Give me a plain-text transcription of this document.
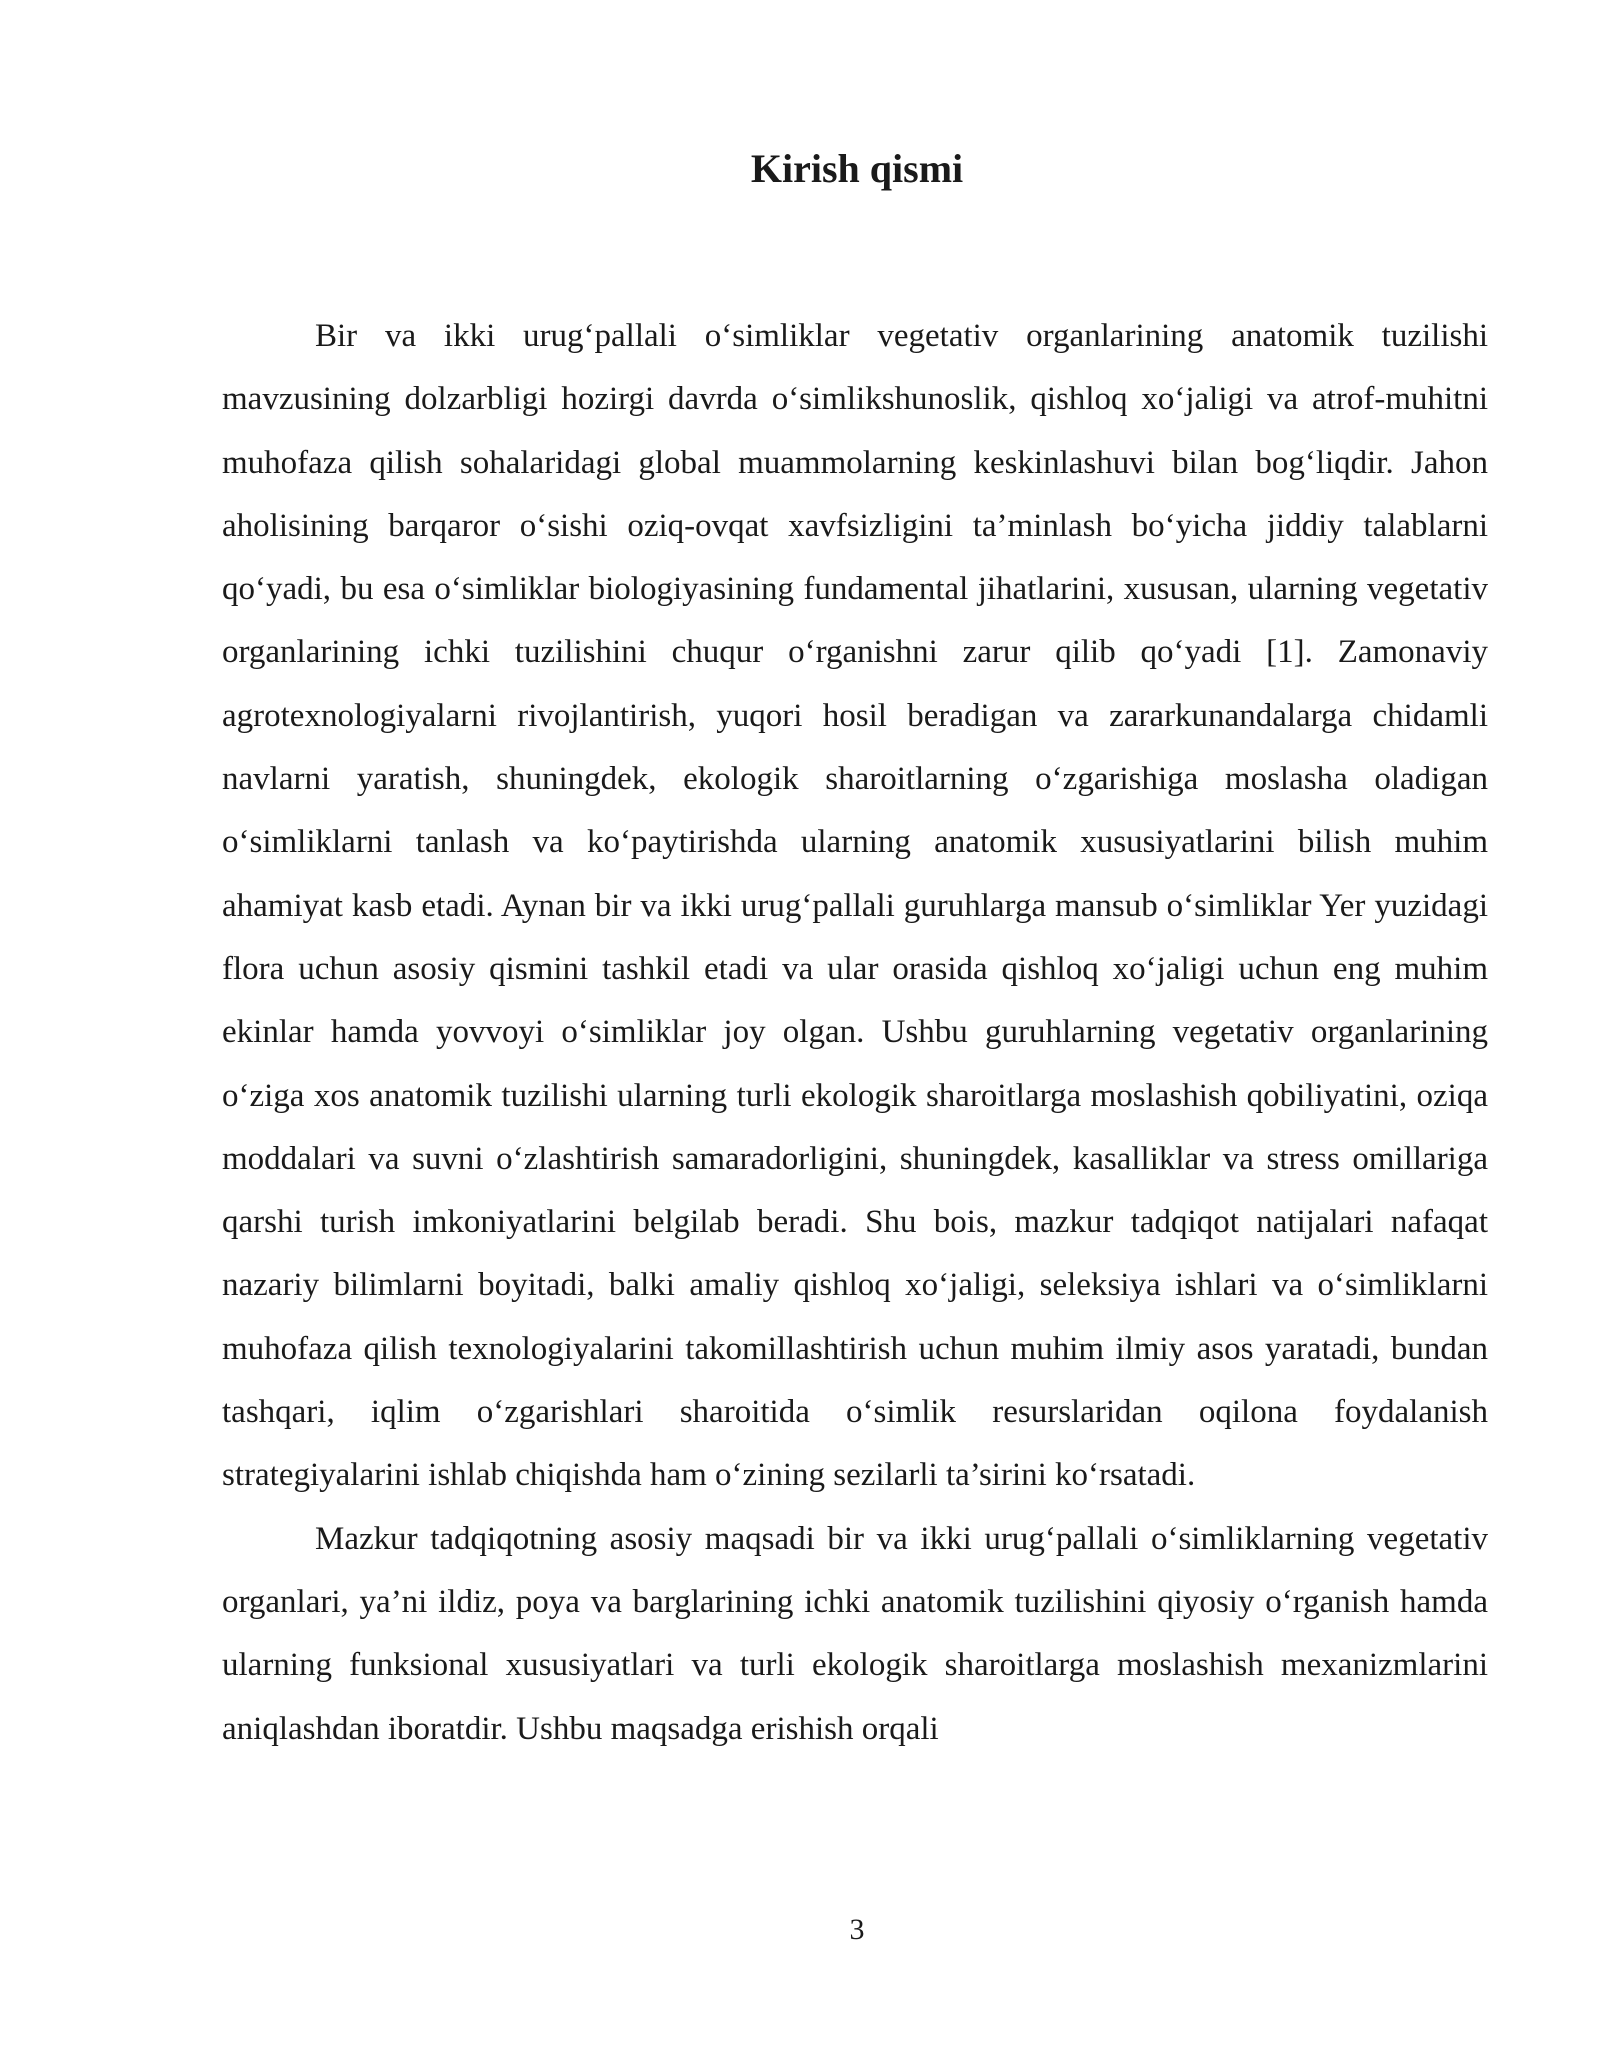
Kirish qismi

Bir va ikki urug‘pallali o‘simliklar vegetativ organlarining anatomik tuzilishi mavzusining dolzarbligi hozirgi davrda o‘simlikshunoslik, qishloq xo‘jaligi va atrof-muhitni muhofaza qilish sohalaridagi global muammolarning keskinlashuvi bilan bog‘liqdir. Jahon aholisining barqaror o‘sishi oziq-ovqat xavfsizligini ta’minlash bo‘yicha jiddiy talablarni qo‘yadi, bu esa o‘simliklar biologiyasining fundamental jihatlarini, xususan, ularning vegetativ organlarining ichki tuzilishini chuqur o‘rganishni zarur qilib qo‘yadi [1]. Zamonaviy agrotexnologiyalarni rivojlantirish, yuqori hosil beradigan va zararkunandalarga chidamli navlarni yaratish, shuningdek, ekologik sharoitlarning o‘zgarishiga moslasha oladigan o‘simliklarni tanlash va ko‘paytirishda ularning anatomik xususiyatlarini bilish muhim ahamiyat kasb etadi. Aynan bir va ikki urug‘pallali guruhlarga mansub o‘simliklar Yer yuzidagi flora uchun asosiy qismini tashkil etadi va ular orasida qishloq xo‘jaligi uchun eng muhim ekinlar hamda yovvoyi o‘simliklar joy olgan. Ushbu guruhlarning vegetativ organlarining o‘ziga xos anatomik tuzilishi ularning turli ekologik sharoitlarga moslashish qobiliyatini, oziqa moddalari va suvni o‘zlashtirish samaradorligini, shuningdek, kasalliklar va stress omillariga qarshi turish imkoniyatlarini belgilab beradi. Shu bois, mazkur tadqiqot natijalari nafaqat nazariy bilimlarni boyitadi, balki amaliy qishloq xo‘jaligi, seleksiya ishlari va o‘simliklarni muhofaza qilish texnologiyalarini takomillashtirish uchun muhim ilmiy asos yaratadi, bundan tashqari, iqlim o‘zgarishlari sharoitida o‘simlik resurslaridan oqilona foydalanish strategiyalarini ishlab chiqishda ham o‘zining sezilarli ta’sirini ko‘rsatadi.

Mazkur tadqiqotning asosiy maqsadi bir va ikki urug‘pallali o‘simliklarning vegetativ organlari, ya’ni ildiz, poya va barglarining ichki anatomik tuzilishini qiyosiy o‘rganish hamda ularning funksional xususiyatlari va turli ekologik sharoitlarga moslashish mexanizmlarini aniqlashdan iboratdir. Ushbu maqsadga erishish orqali

3
